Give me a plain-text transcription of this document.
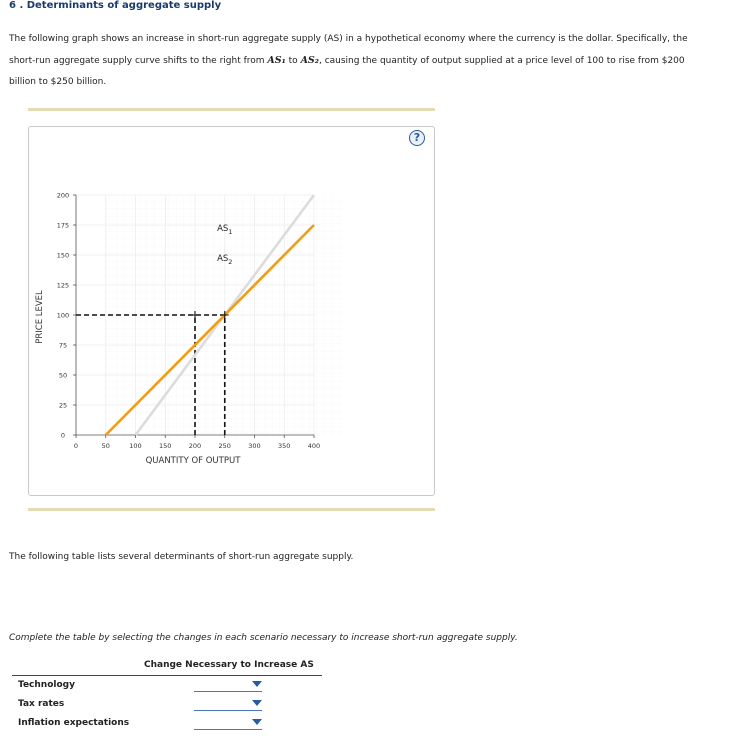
6 . Determinants of aggregate supply
The following graph shows an increase in short-run aggregate supply (AS) in a hypothetical economy where the currency is the dollar. Specifically, the
short-run aggregate supply curve shifts to the right from AS₁ to AS₂, causing the quantity of output supplied at a price level of 100 to rise from $200
billion to $250 billion.
?
0	50	100	150	200	250	300	350	400
0
25
50
75
100
125
150
175
200
$AS_1$
$AS_2$
QUANTITY OF OUTPUT
PRICE LEVEL
The following table lists several determinants of short-run aggregate supply.
Complete the table by selecting the changes in each scenario necessary to increase short-run aggregate supply.
Change Necessary to Increase AS
Technology
Tax rates
Inflation expectations
